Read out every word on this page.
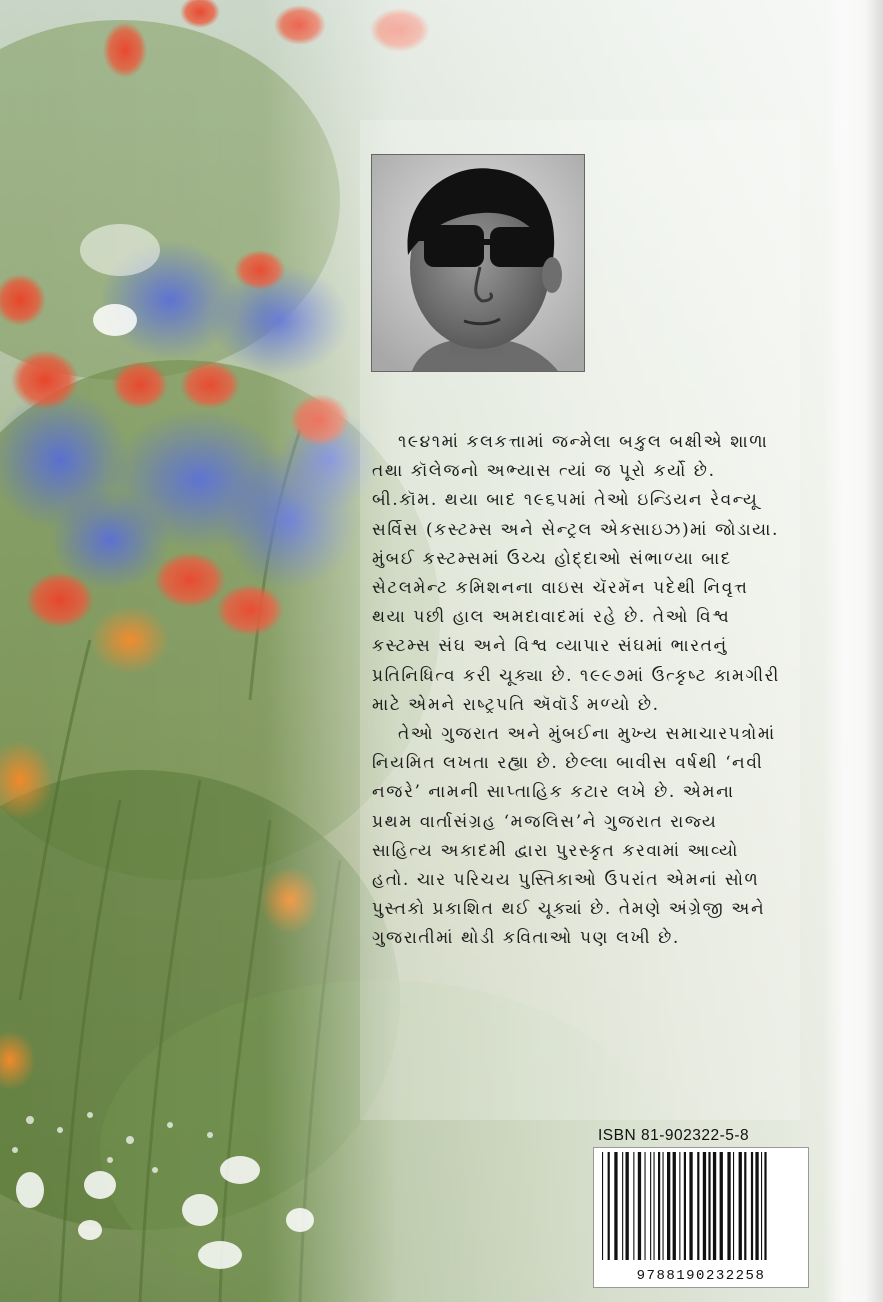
૧૯૪૧માં કલકત્તામાં જન્મેલા બકુલ બક્ષીએ શાળા તથા કૉલેજનો અભ્યાસ ત્યાં જ પૂરો કર્યો છે. બી.કૉમ. થયા બાદ ૧૯૬૫માં તેઓ ઇન્ડિયન રેવન્યૂ સર્વિસ (કસ્ટમ્સ અને સેન્ટ્રલ એક્સાઇઝ)માં જોડાયા. મુંબઈ કસ્ટમ્સમાં ઉચ્ચ હોદ્દાઓ સંભાળ્યા બાદ સેટલમેન્ટ કમિશનના વાઇસ ચૅરમૅન પદેથી નિવૃત્ત થયા પછી હાલ અમદાવાદમાં રહે છે. તેઓ વિશ્વ કસ્ટમ્સ સંઘ અને વિશ્વ વ્યાપાર સંઘમાં ભારતનું પ્રતિનિધિત્વ કરી ચૂક્યા છે. ૧૯૯૭માં ઉત્કૃષ્ટ કામગીરી માટે એમને રાષ્ટ્રપતિ ઍવૉર્ડ મળ્યો છે.

તેઓ ગુજરાત અને મુંબઈના મુખ્ય સમાચારપત્રોમાં નિયમિત લખતા રહ્યા છે. છેલ્લા બાવીસ વર્ષથી ‘નવી નજરે’ નામની સાપ્તાહિક કટાર લખે છે. એમના પ્રથમ વાર્તાસંગ્રહ ‘મજલિસ’ને ગુજરાત રાજ્ય સાહિત્ય અકાદમી દ્વારા પુરસ્કૃત કરવામાં આવ્યો હતો. ચાર પરિચય પુસ્તિકાઓ ઉપરાંત એમનાં સોળ પુસ્તકો પ્રકાશિત થઈ ચૂક્યાં છે. તેમણે અંગ્રેજી અને ગુજરાતીમાં થોડી કવિતાઓ પણ લખી છે.

ISBN 81-902322-5-8
9788190232258
